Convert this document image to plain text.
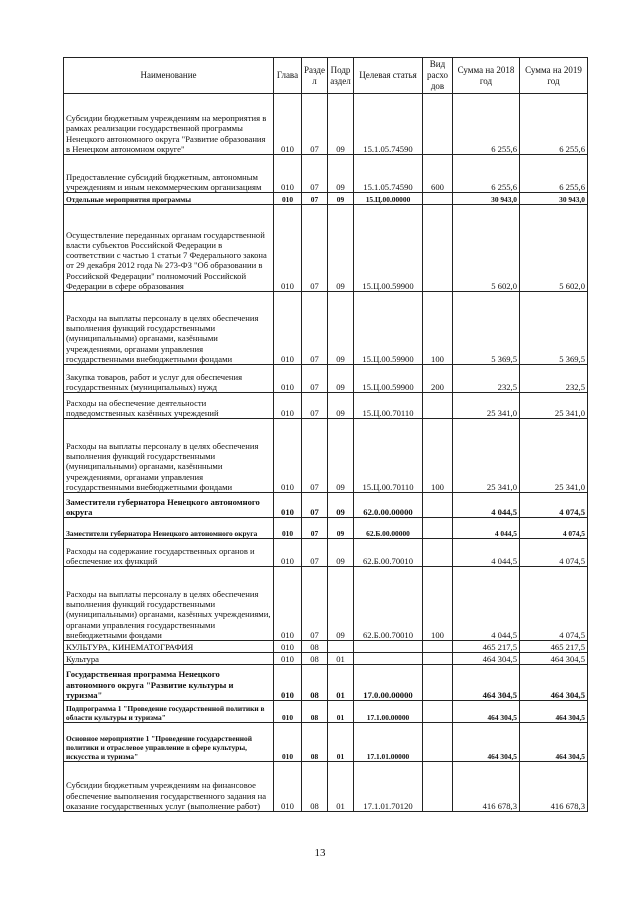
Наименование	Глава	Разде л	Подр аздел	Целевая статья	Вид расхо дов	Сумма на 2018 год	Сумма на 2019 год
Субсидии бюджетным учреждениям на мероприятия в рамках реализации государственной программы Ненецкого автономного округа "Развитие образования в Ненецком автономном округе"	010	07	09	15.1.05.74590		6 255,6	6 255,6
Предоставление субсидий бюджетным, автономным учреждениям и иным некоммерческим организациям	010	07	09	15.1.05.74590	600	6 255,6	6 255,6
Отдельные мероприятия программы	010	07	09	15.Ц.00.00000		30 943,0	30 943,0
Осуществление переданных органам государственной власти субъектов Российской Федерации в соответствии с частью 1 статьи 7 Федерального закона от 29 декабря 2012 года № 273-ФЗ "Об образовании в Российской Федерации" полномочий Российской Федерации в сфере образования	010	07	09	15.Ц.00.59900		5 602,0	5 602,0
Расходы на выплаты персоналу в целях обеспечения выполнения функций государственными (муниципальными) органами, казёнными учреждениями, органами управления государственными внебюджетными фондами	010	07	09	15.Ц.00.59900	100	5 369,5	5 369,5
Закупка товаров, работ и услуг для обеспечения государственных (муниципальных) нужд	010	07	09	15.Ц.00.59900	200	232,5	232,5
Расходы на обеспечение деятельности подведомственных казённых учреждений	010	07	09	15.Ц.00.70110		25 341,0	25 341,0
Расходы на выплаты персоналу в целях обеспечения выполнения функций государственными (муниципальными) органами, казённными учреждениями, органами управления государственными внебюджетными фондами	010	07	09	15.Ц.00.70110	100	25 341,0	25 341,0
Заместители губернатора Ненецкого автономного округа	010	07	09	62.0.00.00000		4 044,5	4 074,5
Заместители губернатора Ненецкого автономного округа	010	07	09	62.Б.00.00000		4 044,5	4 074,5
Расходы на содержание государственных органов и обеспечение их функций	010	07	09	62.Б.00.70010		4 044,5	4 074,5
Расходы на выплаты персоналу в целях обеспечения выполнения функций государственными (муниципальными) органами, казённых учреждениями, органами управления государственными внебюджетными фондами	010	07	09	62.Б.00.70010	100	4 044,5	4 074,5
КУЛЬТУРА, КИНЕМАТОГРАФИЯ	010	08				465 217,5	465 217,5
Культура	010	08	01			464 304,5	464 304,5
Государственная программа Ненецкого автономного округа "Развитие культуры и туризма"	010	08	01	17.0.00.00000		464 304,5	464 304,5
Подпрограмма 1 "Проведение государственной политики в области культуры и туризма"	010	08	01	17.1.00.00000		464 304,5	464 304,5
Основное мероприятие 1 "Проведение государственной политики и отраслевое управление в сфере культуры, искусства и туризма"	010	08	01	17.1.01.00000		464 304,5	464 304,5
Субсидии бюджетным учреждениям на финансовое обеспечение выполнения государственного задания на оказание государственных услуг (выполнение работ)	010	08	01	17.1.01.70120		416 678,3	416 678,3
13
